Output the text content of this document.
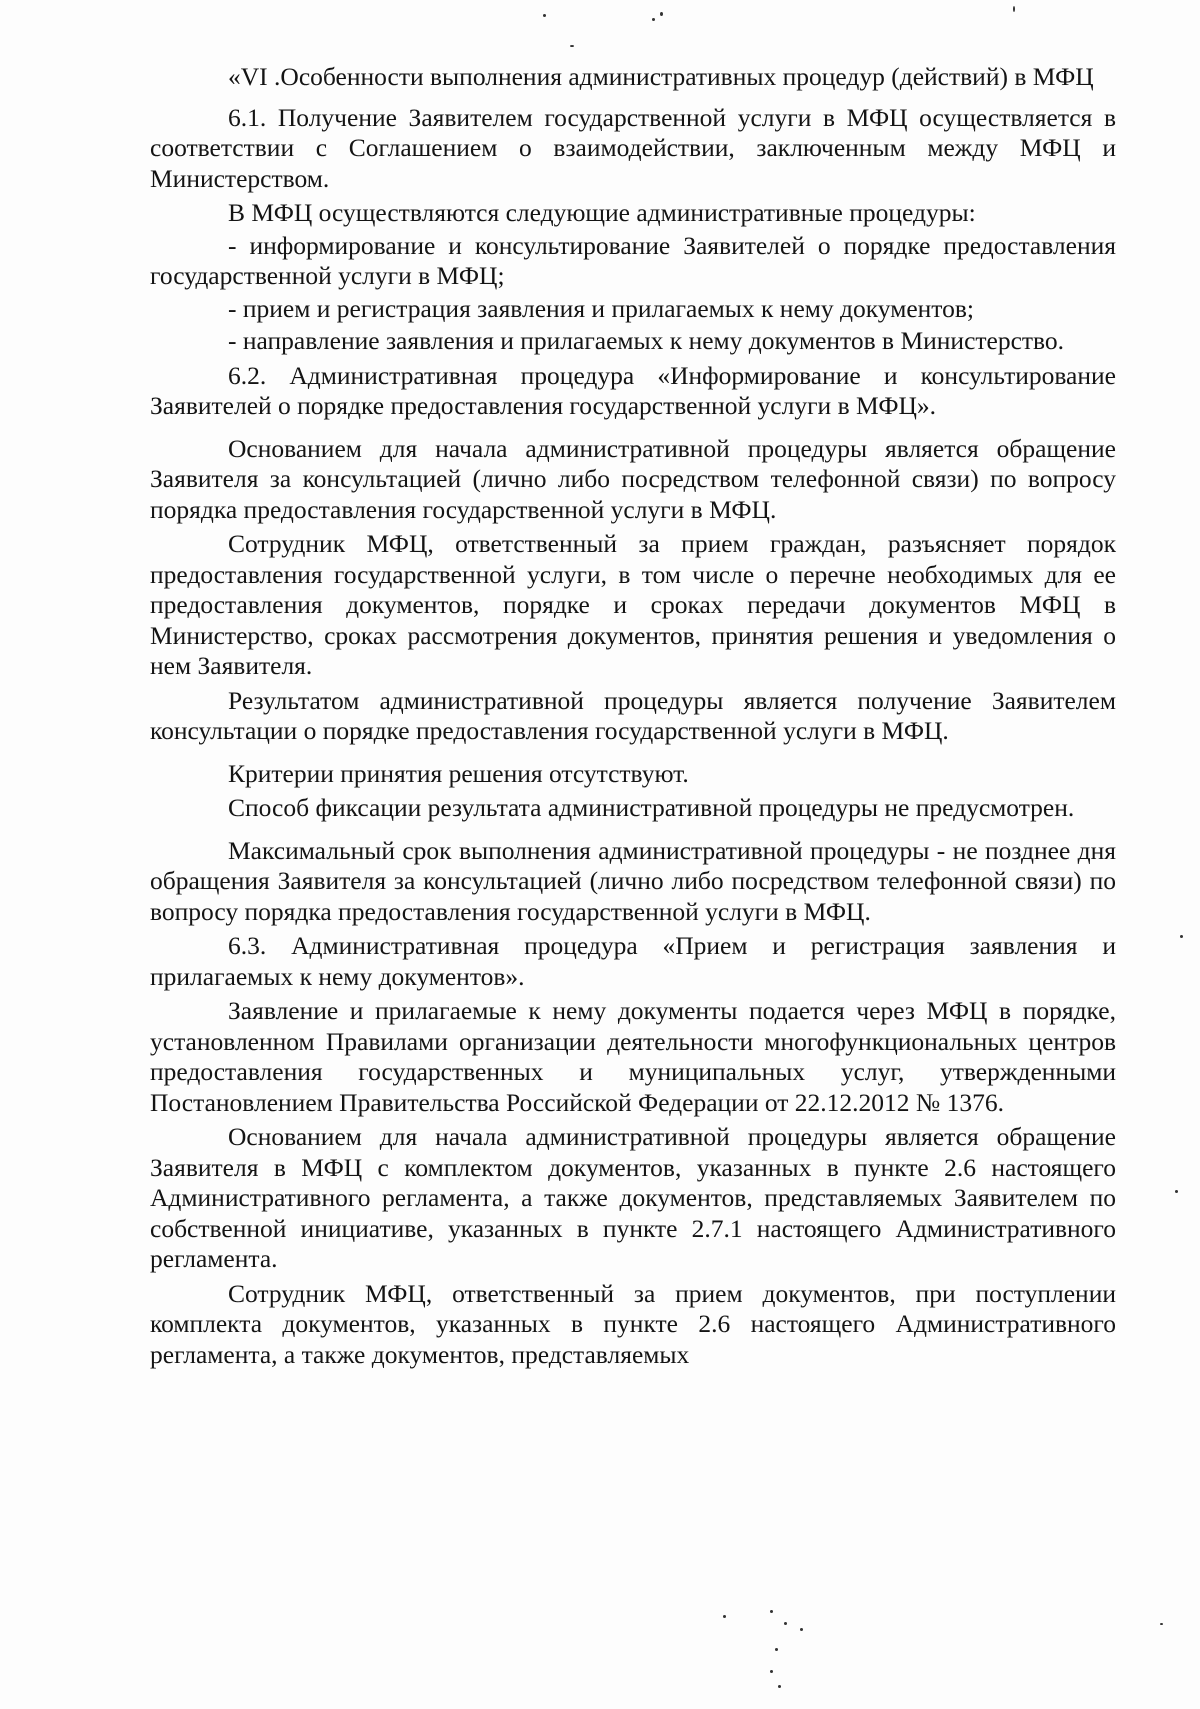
«VI .Особенности выполнения административных процедур (действий) в МФЦ

6.1. Получение Заявителем государственной услуги в МФЦ осуществляется в соответствии с Соглашением о взаимодействии, заключенным между МФЦ и Министерством.

В МФЦ осуществляются следующие административные процедуры:

- информирование и консультирование Заявителей о порядке предоставления государственной услуги в МФЦ;

- прием и регистрация заявления и прилагаемых к нему документов;

- направление заявления и прилагаемых к нему документов в Министерство.

6.2. Административная процедура «Информирование и консультирование Заявителей о порядке предоставления государственной услуги в МФЦ».

Основанием для начала административной процедуры является обращение Заявителя за консультацией (лично либо посредством телефонной связи) по вопросу порядка предоставления государственной услуги в МФЦ.

Сотрудник МФЦ, ответственный за прием граждан, разъясняет порядок предоставления государственной услуги, в том числе о перечне необходимых для ее предоставления документов, порядке и сроках передачи документов МФЦ в Министерство, сроках рассмотрения документов, принятия решения и уведомления о нем Заявителя.

Результатом административной процедуры является получение Заявителем консультации о порядке предоставления государственной услуги в МФЦ.

Критерии принятия решения отсутствуют.

Способ фиксации результата административной процедуры не предусмотрен.

Максимальный срок выполнения административной процедуры - не позднее дня обращения Заявителя за консультацией (лично либо посредством телефонной связи) по вопросу порядка предоставления государственной услуги в МФЦ.

6.3. Административная процедура «Прием и регистрация заявления и прилагаемых к нему документов».

Заявление и прилагаемые к нему документы подается через МФЦ в порядке, установленном Правилами организации деятельности многофункциональных центров предоставления государственных и муниципальных услуг, утвержденными Постановлением Правительства Российской Федерации от 22.12.2012 № 1376.

Основанием для начала административной процедуры является обращение Заявителя в МФЦ с комплектом документов, указанных в пункте 2.6 настоящего Административного регламента, а также документов, представляемых Заявителем по собственной инициативе, указанных в пункте 2.7.1 настоящего Административного регламента.

Сотрудник МФЦ, ответственный за прием документов, при поступлении комплекта документов, указанных в пункте 2.6 настоящего Административного регламента, а также документов, представляемых
